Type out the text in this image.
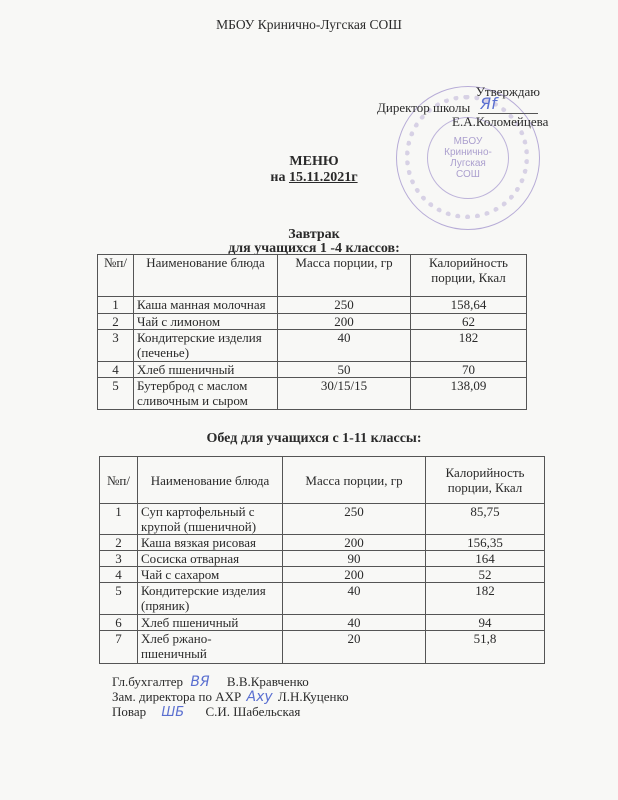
МБОУ Кринично-Лугская СОШ
МБОУ
Кринично-
Лугская
СОШ
Утверждаю
Директор школы Яf
Е.А.Коломейцева
МЕНЮ
на 15.11.2021г
Завтрак
для учащихся 1 -4 классов:
№п/	Наименование блюда	Масса порции, гр	Калорийность порции, Ккал
1	Каша манная молочная	250	158,64
2	Чай с лимоном	200	62
3	Кондитерские изделия (печенье)	40	182
4	Хлеб пшеничный	50	70
5	Бутерброд с маслом сливочным и сыром	30/15/15	138,09
Обед для учащихся с 1-11 классы:
№п/	Наименование блюда	Масса порции, гр	Калорийность порции, Ккал
1	Суп картофельный с крупой (пшеничной)	250	85,75
2	Каша вязкая рисовая	200	156,35
3	Сосиска отварная	90	164
4	Чай с сахаром	200	52
5	Кондитерские изделия (пряник)	40	182
6	Хлеб пшеничный	40	94
7	Хлеб ржано-пшеничный	20	51,8
Гл.бухгалтер ВЯ В.В.Кравченко
Зам. директора по АХР Axy Л.Н.Куценко
Повар ШБ С.И. Шабельская
